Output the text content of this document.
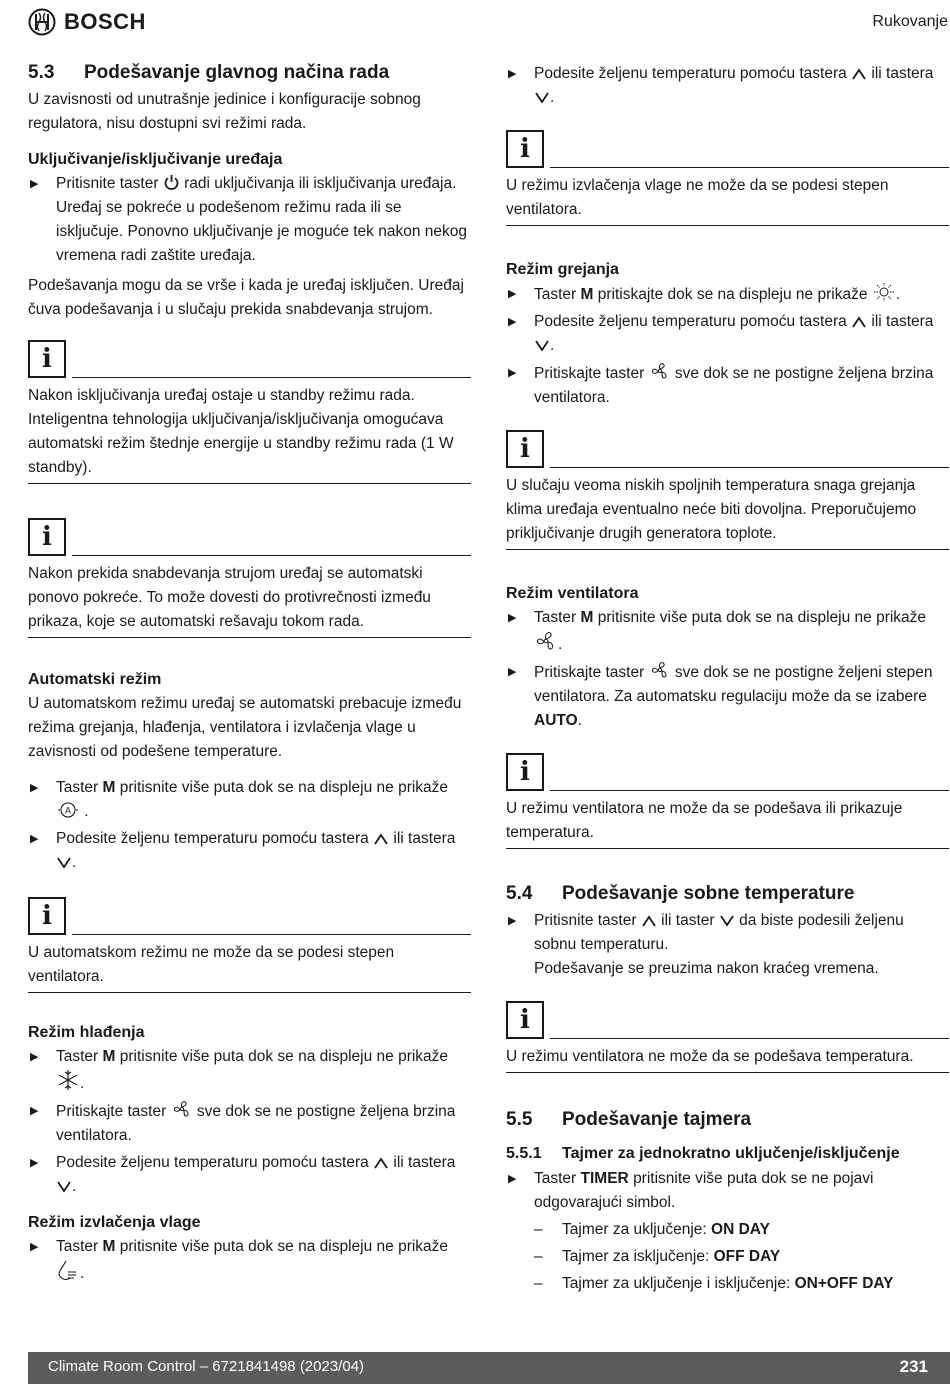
BOSCH	Rukovanje
5.3	Podešavanje glavnog načina rada

U zavisnosti od unutrašnje jedinice i konfiguracije sobnog regulatora, nisu dostupni svi režimi rada.

Uključivanje/isključivanje uređaja
▶ Pritisnite taster radi uključivanja ili isključivanja uređaja. Uređaj se pokreće u podešenom režimu rada ili se isključuje. Ponovno uključivanje je moguće tek nakon nekog vremena radi zaštite uređaja.

Podešavanja mogu da se vrše i kada je uređaj isključen. Uređaj čuva podešavanja i u slučaju prekida snabdevanja strujom.

i
Nakon isključivanja uređaj ostaje u standby režimu rada. Inteligentna tehnologija uključivanja/isključivanja omogućava automatski režim štednje energije u standby režimu rada (1 W standby).
i
Nakon prekida snabdevanja strujom uređaj se automatski ponovo pokreće. To može dovesti do protivrečnosti između prikaza, koje se automatski rešavaju tokom rada.
Automatski režim

U automatskom režimu uređaj se automatski prebacuje između režima grejanja, hlađenja, ventilatora i izvlačenja vlage u zavisnosti od podešene temperature.

▶ Taster M pritisnite više puta dok se na displeju ne prikaže

A .
▶ Podesite željenu temperaturu pomoću tastera ili tastera
.
i
U automatskom režimu ne može da se podesi stepen ventilatora.
Režim hlađenja
▶ Taster M pritisnite više puta dok se na displeju ne prikaže
.
▶ Pritiskajte taster sve dok se ne postigne željena brzina ventilatora.
▶ Podesite željenu temperaturu pomoću tastera ili tastera
.
Režim izvlačenja vlage
▶ Taster M pritisnite više puta dok se na displeju ne prikaže
.
▶ Podesite željenu temperaturu pomoću tastera ili tastera
.
i
U režimu izvlačenja vlage ne može da se podesi stepen ventilatora.
Režim grejanja
▶ Taster M pritiskajte dok se na displeju ne prikaže .
▶ Podesite željenu temperaturu pomoću tastera ili tastera
.
▶ Pritiskajte taster sve dok se ne postigne željena brzina ventilatora.
i
U slučaju veoma niskih spoljnih temperatura snaga grejanja klima uređaja eventualno neće biti dovoljna. Preporučujemo priključivanje drugih generatora toplote.
Režim ventilatora
▶ Taster M pritisnite više puta dok se na displeju ne prikaže
.
▶ Pritiskajte taster sve dok se ne postigne željeni stepen ventilatora. Za automatsku regulaciju može da se izabere AUTO.
i
U režimu ventilatora ne može da se podešava ili prikazuje temperatura.
5.4	Podešavanje sobne temperature
▶ Pritisnite taster ili taster da biste podesili željenu sobnu temperaturu.
Podešavanje se preuzima nakon kraćeg vremena.
i
U režimu ventilatora ne može da se podešava temperatura.
5.5	Podešavanje tajmera
5.5.1	Tajmer za jednokratno uključenje/isključenje
▶ Taster TIMER pritisnite više puta dok se ne pojavi odgovarajući simbol.
– Tajmer za uključenje: ON DAY
– Tajmer za isključenje: OFF DAY
– Tajmer za uključenje i isključenje: ON+OFF DAY
Climate Room Control – 6721841498 (2023/04)	231
